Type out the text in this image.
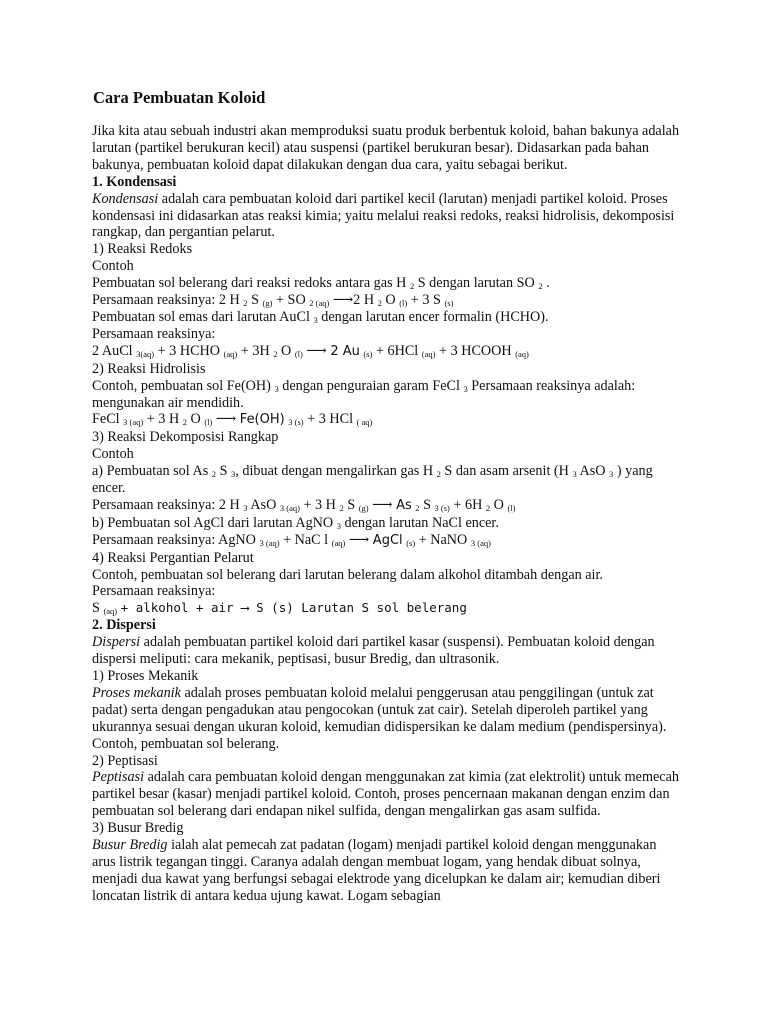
Cara Pembuatan Koloid

Jika kita atau sebuah industri akan memproduksi suatu produk berbentuk koloid, bahan bakunya adalah larutan (partikel berukuran kecil) atau suspensi (partikel berukuran besar). Didasarkan pada bahan bakunya, pembuatan koloid dapat dilakukan dengan dua cara, yaitu sebagai berikut.

1. Kondensasi

Kondensasi adalah cara pembuatan koloid dari partikel kecil (larutan) menjadi partikel koloid. Proses kondensasi ini didasarkan atas reaksi kimia; yaitu melalui reaksi redoks, reaksi hidrolisis, dekomposisi rangkap, dan pergantian pelarut.

1) Reaksi Redoks

Contoh

Pembuatan sol belerang dari reaksi redoks antara gas H $_2$ S dengan larutan SO $_2$ .

Persamaan reaksinya: 2 H $_2$ S $_{(g)}$ + SO $_{2 (aq)}$ ⟶2 H $_2$ O $_{(l)}$ + 3 S $_{(s)}$

Pembuatan sol emas dari larutan AuCl $_3$ dengan larutan encer formalin (HCHO).

Persamaan reaksinya:

2 AuCl $_{3(aq)}$ + 3 HCHO $_{(aq)}$ + 3H $_2$ O $_{(l)}$ ⟶ 2 Au $_{(s)}$ + 6HCl $_{(aq)}$ + 3 HCOOH $_{(aq)}$

2) Reaksi Hidrolisis

Contoh, pembuatan sol Fe(OH) $_3$ dengan penguraian garam FeCl $_3$ Persamaan reaksinya adalah: mengunakan air mendidih.

FeCl $_{3 (aq)}$ + 3 H $_2$ O $_{(l)}$ ⟶ Fe(OH) $_{3 (s)}$ + 3 HCl $_{( aq)}$

3) Reaksi Dekomposisi Rangkap

Contoh

a) Pembuatan sol As $_2$ S $_3$, dibuat dengan mengalirkan gas H $_2$ S dan asam arsenit (H $_3$ AsO $_3$ ) yang encer.

Persamaan reaksinya: 2 H $_3$ AsO $_{3 (aq)}$ + 3 H $_2$ S $_{(g)}$ ⟶ As $_2$ S $_{3 (s)}$ + 6H $_2$ O $_{(l)}$

b) Pembuatan sol AgCl dari larutan AgNO $_3$ dengan larutan NaCl encer.

Persamaan reaksinya: AgNO $_{3 (aq)}$ + NaC l $_{(aq)}$ ⟶ AgCl $_{(s)}$ + NaNO $_{3 (aq)}$

4) Reaksi Pergantian Pelarut

Contoh, pembuatan sol belerang dari larutan belerang dalam alkohol ditambah dengan air.

Persamaan reaksinya:

S $_{(aq)}$ + alkohol + air ⟶ S (s) Larutan S sol belerang

2. Dispersi

Dispersi adalah pembuatan partikel koloid dari partikel kasar (suspensi). Pembuatan koloid dengan dispersi meliputi: cara mekanik, peptisasi, busur Bredig, dan ultrasonik.

1) Proses Mekanik

Proses mekanik adalah proses pembuatan koloid melalui penggerusan atau penggilingan (untuk zat padat) serta dengan pengadukan atau pengocokan (untuk zat cair). Setelah diperoleh partikel yang ukurannya sesuai dengan ukuran koloid, kemudian didispersikan ke dalam medium (pendispersinya). Contoh, pembuatan sol belerang.

2) Peptisasi

Peptisasi adalah cara pembuatan koloid dengan menggunakan zat kimia (zat elektrolit) untuk memecah partikel besar (kasar) menjadi partikel koloid. Contoh, proses pencernaan makanan dengan enzim dan pembuatan sol belerang dari endapan nikel sulfida, dengan mengalirkan gas asam sulfida.

3) Busur Bredig

Busur Bredig ialah alat pemecah zat padatan (logam) menjadi partikel koloid dengan menggunakan arus listrik tegangan tinggi. Caranya adalah dengan membuat logam, yang hendak dibuat solnya, menjadi dua kawat yang berfungsi sebagai elektrode yang dicelupkan ke dalam air; kemudian diberi loncatan listrik di antara kedua ujung kawat. Logam sebagian
